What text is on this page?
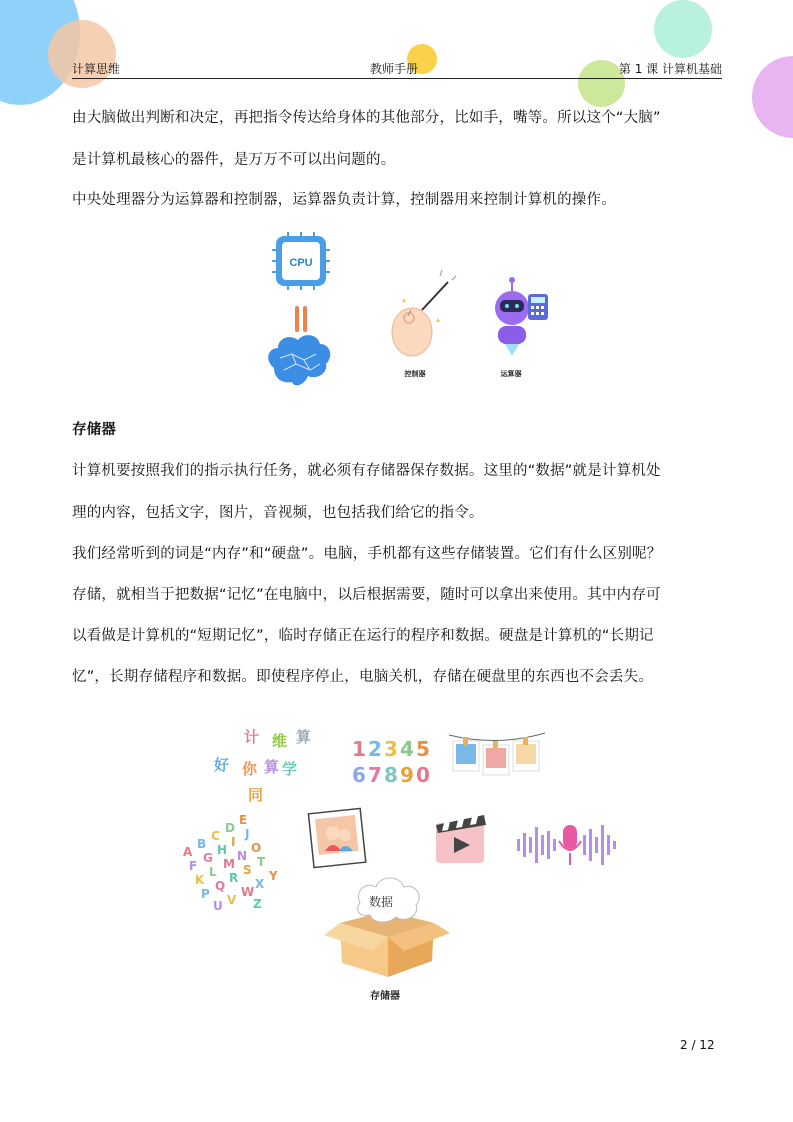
计算思维	教师手册	第 1 课 计算机基础
由大脑做出判断和决定，再把指令传达给身体的其他部分，比如手，嘴等。所以这个“大脑”
是计算机最核心的器件，是万万不可以出问题的。
中央处理器分为运算器和控制器，运算器负责计算，控制器用来控制计算机的操作。
CPU
控制器	运算器
存储器
计算机要按照我们的指示执行任务，就必须有存储器保存数据。这里的“数据”就是计算机处
理的内容，包括文字，图片，音视频，也包括我们给它的指令。
我们经常听到的词是“内存”和“硬盘”。电脑，手机都有这些存储装置。它们有什么区别呢？
存储，就相当于把数据“记忆”在电脑中，以后根据需要，随时可以拿出来使用。其中内存可
以看做是计算机的“短期记忆”，临时存储正在运行的程序和数据。硬盘是计算机的“长期记
忆”，长期存储程序和数据。即使程序停止，电脑关机，存储在硬盘里的东西也不会丢失。
计 维 算
好 你 算 学
同
1 2 3 4 5
6 7 8 9 0
A
B
C
D
E
F
G
H
I
J
K
L
M
N
O
P
Q
R
S
T
U V
W
X
Y
Z	数据
存储器
2 / 12
